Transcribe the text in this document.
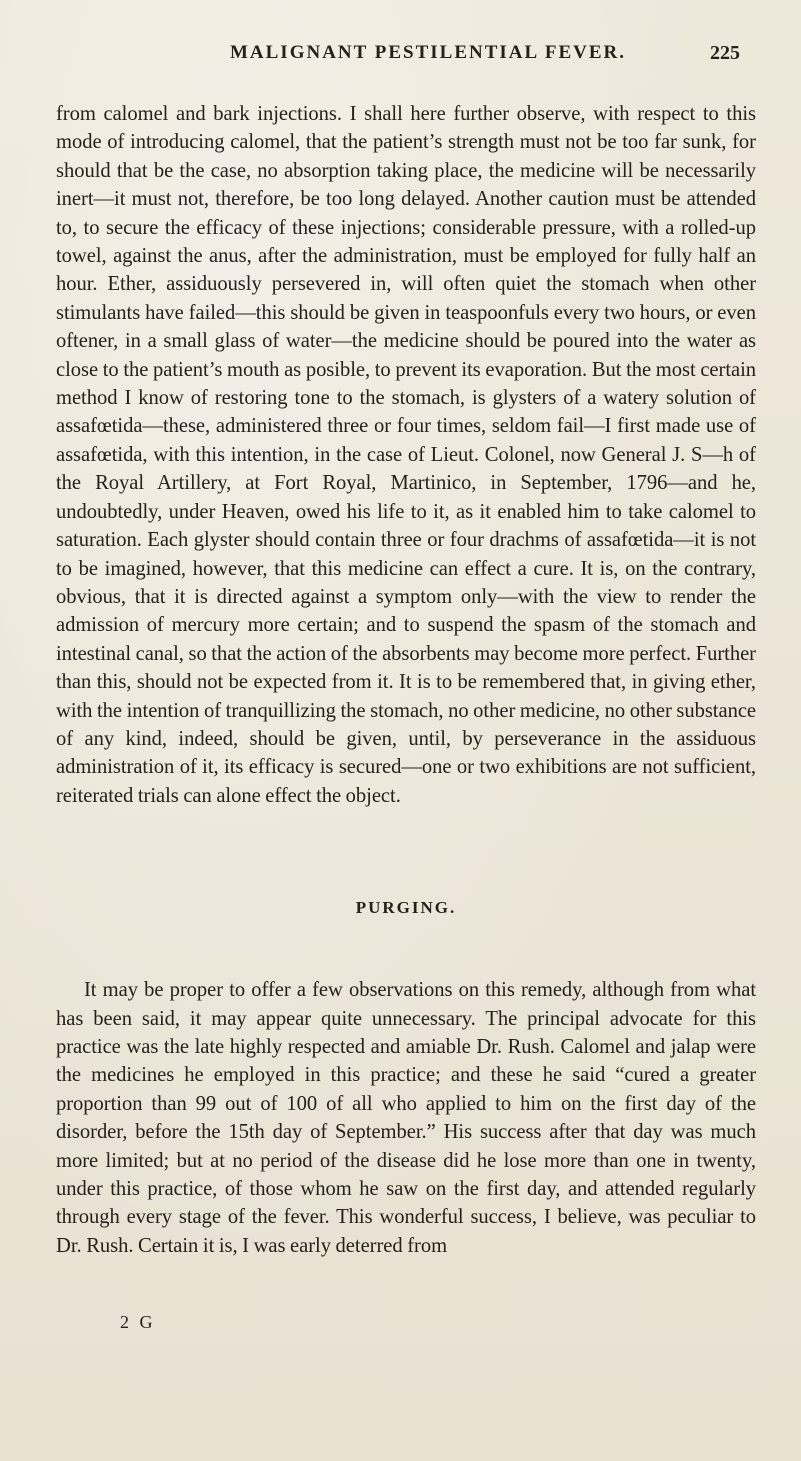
MALIGNANT PESTILENTIAL FEVER.	225

from calomel and bark injections. I shall here further observe, with respect to this mode of introducing calomel, that the patient’s strength must not be too far sunk, for should that be the case, no absorption taking place, the medicine will be necessarily inert—it must not, therefore, be too long delayed. Another caution must be attended to, to secure the efficacy of these injections; considerable pressure, with a rolled-up towel, against the anus, after the administration, must be employed for fully half an hour. Ether, assiduously persevered in, will often quiet the stomach when other stimulants have failed—this should be given in teaspoonfuls every two hours, or even oftener, in a small glass of water—the medicine should be poured into the water as close to the patient’s mouth as posible, to prevent its evaporation. But the most certain method I know of restoring tone to the stomach, is glysters of a watery solution of assafœtida—these, administered three or four times, seldom fail—I first made use of assafœtida, with this intention, in the case of Lieut. Colonel, now General J. S—h of the Royal Artillery, at Fort Royal, Martinico, in September, 1796—and he, undoubtedly, under Heaven, owed his life to it, as it enabled him to take calomel to saturation. Each glyster should contain three or four drachms of assafœtida—it is not to be imagined, however, that this medicine can effect a cure. It is, on the contrary, obvious, that it is directed against a symptom only—with the view to render the admission of mercury more certain; and to suspend the spasm of the stomach and intestinal canal, so that the action of the absorbents may become more perfect. Further than this, should not be expected from it. It is to be remembered that, in giving ether, with the intention of tranquillizing the stomach, no other medicine, no other substance of any kind, indeed, should be given, until, by perseverance in the assiduous administration of it, its efficacy is secured—one or two exhibitions are not sufficient, reiterated trials can alone effect the object.

PURGING.

It may be proper to offer a few observations on this remedy, although from what has been said, it may appear quite unnecessary. The principal advocate for this practice was the late highly respected and amiable Dr. Rush. Calomel and jalap were the medicines he employed in this practice; and these he said “cured a greater proportion than 99 out of 100 of all who applied to him on the first day of the disorder, before the 15th day of September.” His success after that day was much more limited; but at no period of the disease did he lose more than one in twenty, under this practice, of those whom he saw on the first day, and attended regularly through every stage of the fever. This wonderful success, I believe, was peculiar to Dr. Rush. Certain it is, I was early deterred from

2 G
